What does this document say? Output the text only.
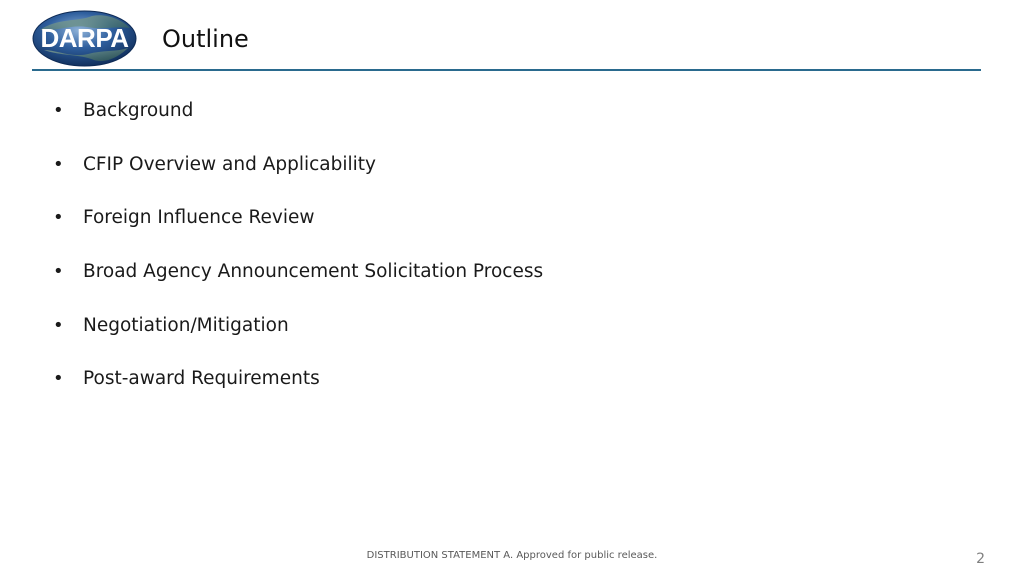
DARPA Outline
• Background
• CFIP Overview and Applicability
• Foreign Influence Review
• Broad Agency Announcement Solicitation Process
• Negotiation/Mitigation
• Post-award Requirements
DISTRIBUTION STATEMENT A. Approved for public release.	2
